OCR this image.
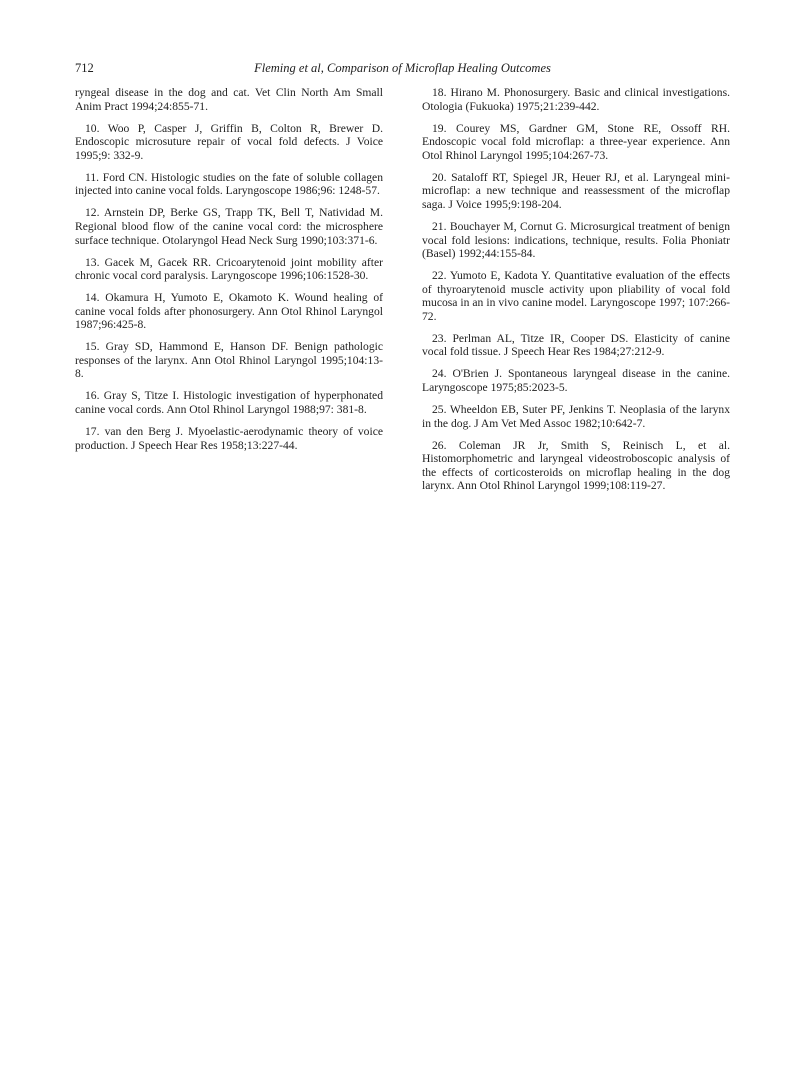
712	Fleming et al, Comparison of Microflap Healing Outcomes

ryngeal disease in the dog and cat. Vet Clin North Am Small Anim Pract 1994;24:855-71.

10. Woo P, Casper J, Griffin B, Colton R, Brewer D. Endoscopic microsuture repair of vocal fold defects. J Voice 1995;9: 332-9.

11. Ford CN. Histologic studies on the fate of soluble collagen injected into canine vocal folds. Laryngoscope 1986;96: 1248-57.

12. Arnstein DP, Berke GS, Trapp TK, Bell T, Natividad M. Regional blood flow of the canine vocal cord: the microsphere surface technique. Otolaryngol Head Neck Surg 1990;103:371-6.

13. Gacek M, Gacek RR. Cricoarytenoid joint mobility after chronic vocal cord paralysis. Laryngoscope 1996;106:1528-30.

14. Okamura H, Yumoto E, Okamoto K. Wound healing of canine vocal folds after phonosurgery. Ann Otol Rhinol Laryngol 1987;96:425-8.

15. Gray SD, Hammond E, Hanson DF. Benign pathologic responses of the larynx. Ann Otol Rhinol Laryngol 1995;104:13-8.

16. Gray S, Titze I. Histologic investigation of hyperphonated canine vocal cords. Ann Otol Rhinol Laryngol 1988;97: 381-8.

17. van den Berg J. Myoelastic-aerodynamic theory of voice production. J Speech Hear Res 1958;13:227-44.

18. Hirano M. Phonosurgery. Basic and clinical investigations. Otologia (Fukuoka) 1975;21:239-442.

19. Courey MS, Gardner GM, Stone RE, Ossoff RH. Endoscopic vocal fold microflap: a three-year experience. Ann Otol Rhinol Laryngol 1995;104:267-73.

20. Sataloff RT, Spiegel JR, Heuer RJ, et al. Laryngeal mini-microflap: a new technique and reassessment of the microflap saga. J Voice 1995;9:198-204.

21. Bouchayer M, Cornut G. Microsurgical treatment of benign vocal fold lesions: indications, technique, results. Folia Phoniatr (Basel) 1992;44:155-84.

22. Yumoto E, Kadota Y. Quantitative evaluation of the effects of thyroarytenoid muscle activity upon pliability of vocal fold mucosa in an in vivo canine model. Laryngoscope 1997; 107:266-72.

23. Perlman AL, Titze IR, Cooper DS. Elasticity of canine vocal fold tissue. J Speech Hear Res 1984;27:212-9.

24. O'Brien J. Spontaneous laryngeal disease in the canine. Laryngoscope 1975;85:2023-5.

25. Wheeldon EB, Suter PF, Jenkins T. Neoplasia of the larynx in the dog. J Am Vet Med Assoc 1982;10:642-7.

26. Coleman JR Jr, Smith S, Reinisch L, et al. Histomorphometric and laryngeal videostroboscopic analysis of the effects of corticosteroids on microflap healing in the dog larynx. Ann Otol Rhinol Laryngol 1999;108:119-27.
